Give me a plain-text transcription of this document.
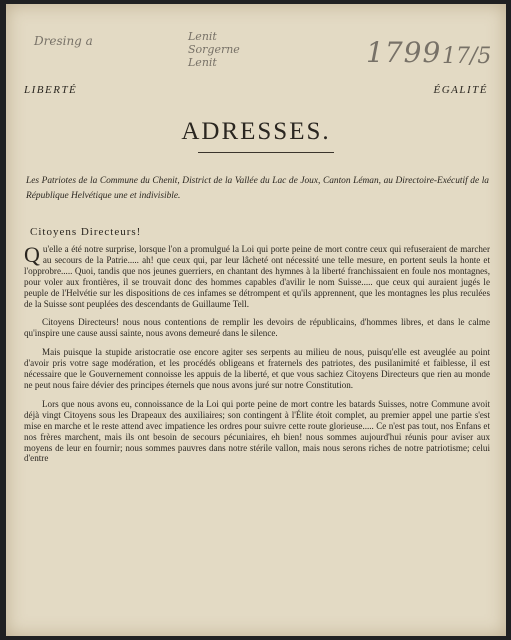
Dresing a	Lenit Sorgerne Lenit	1799 17/5
LIBERTÉ	ÉGALITÉ
ADRESSES.

Les Patriotes de la Commune du Chenit, District de la Vallée du Lac de Joux, Canton Léman, au Directoire-Exécutif de la République Helvétique une et indivisible.

Citoyens Directeurs!

Qu'elle a été notre surprise, lorsque l'on a promulgué la Loi qui porte peine de mort contre ceux qui refuseraient de marcher au secours de la Patrie..... ah! que ceux qui, par leur lâcheté ont nécessité une telle mesure, en portent seuls la honte et l'opprobre..... Quoi, tandis que nos jeunes guerriers, en chantant des hymnes à la liberté franchissaient en foule nos montagnes, pour voler aux frontières, il se trouvait donc des hommes capables d'avilir le nom Suisse..... que ceux qui auraient jugés le peuple de l'Helvétie sur les dispositions de ces infames se détrompent et qu'ils apprennent, que les montagnes les plus reculées de la Suisse sont peuplées des descendants de Guillaume Tell.

Citoyens Directeurs! nous nous contentions de remplir les devoirs de républicains, d'hommes libres, et dans le calme qu'inspire une cause aussi sainte, nous avons demeuré dans le silence.

Mais puisque la stupide aristocratie ose encore agiter ses serpents au milieu de nous, puisqu'elle est aveuglée au point d'avoir pris votre sage modération, et les procédés obligeans et fraternels des patriotes, des pusilanimité et faiblesse, il est nécessaire que le Gouvernement connoisse les appuis de la liberté, et que vous sachiez Citoyens Directeurs que rien au monde ne peut nous faire dévier des principes éternels que nous avons juré sur notre Constitution.

Lors que nous avons eu, connoissance de la Loi qui porte peine de mort contre les batards Suisses, notre Commune avoit déjà vingt Citoyens sous les Drapeaux des auxiliaires; son contingent à l'Élite étoit complet, au premier appel une partie s'est mise en marche et le reste attend avec impatience les ordres pour suivre cette route glorieuse..... Ce n'est pas tout, nos Enfans et nos frères marchent, mais ils ont besoin de secours pécuniaires, eh bien! nous sommes aujourd'hui réunis pour aviser aux moyens de leur en fournir; nous sommes pauvres dans notre stérile vallon, mais nous serons riches de notre patriotisme; celui d'entre
